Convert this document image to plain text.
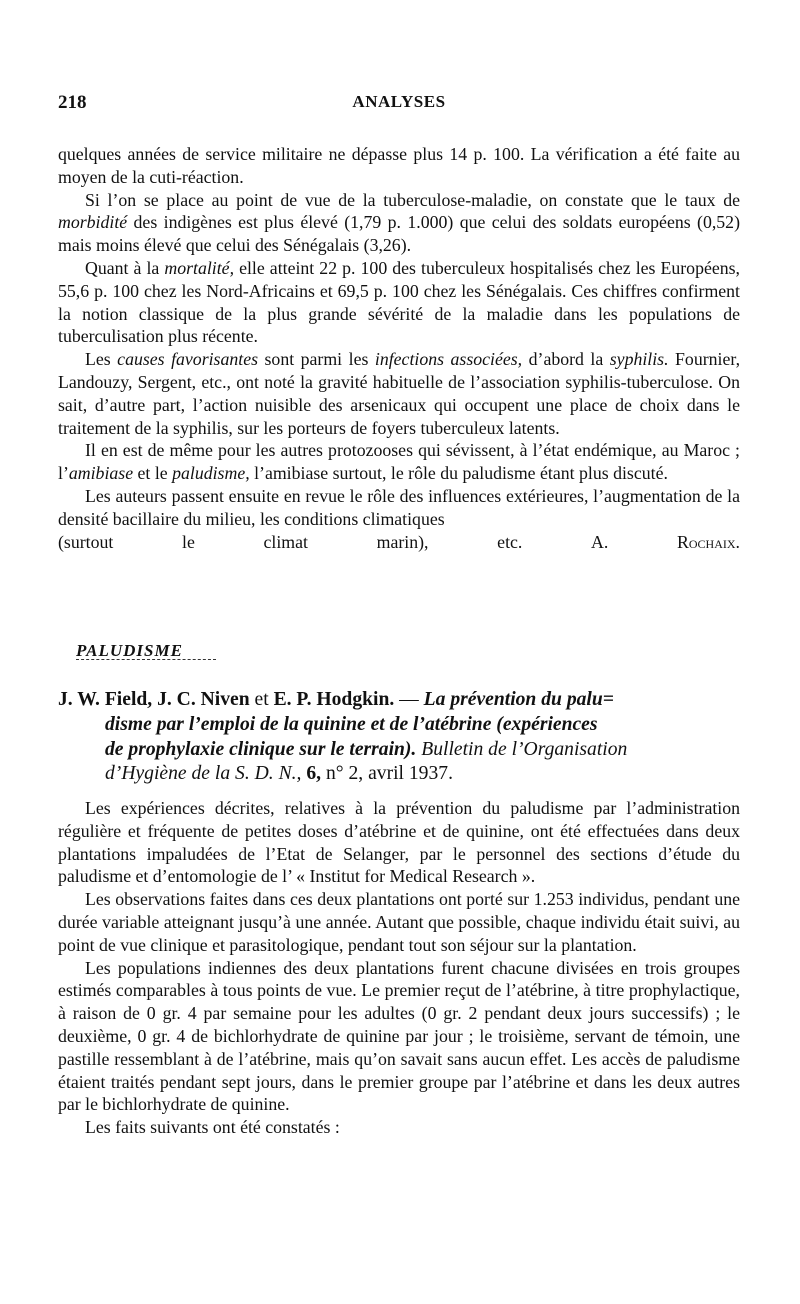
218	ANALYSES

quelques années de service militaire ne dépasse plus 14 p. 100. La vérification a été faite au moyen de la cuti-réaction.

Si l’on se place au point de vue de la tuberculose-maladie, on constate que le taux de morbidité des indigènes est plus élevé (1,79 p. 1.000) que celui des soldats européens (0,52) mais moins élevé que celui des Sénégalais (3,26).

Quant à la mortalité, elle atteint 22 p. 100 des tuberculeux hospitalisés chez les Européens, 55,6 p. 100 chez les Nord-Africains et 69,5 p. 100 chez les Sénégalais. Ces chiffres confirment la notion classique de la plus grande sévérité de la maladie dans les populations de tuberculisation plus récente.

Les causes favorisantes sont parmi les infections associées, d’abord la syphilis. Fournier, Landouzy, Sergent, etc., ont noté la gravité habituelle de l’association syphilis-tuberculose. On sait, d’autre part, l’action nuisible des arsenicaux qui occupent une place de choix dans le traitement de la syphilis, sur les porteurs de foyers tuberculeux latents.

Il en est de même pour les autres protozooses qui sévissent, à l’état endémique, au Maroc ; l’amibiase et le paludisme, l’amibiase surtout, le rôle du paludisme étant plus discuté.

Les auteurs passent ensuite en revue le rôle des influences extérieures, l’augmentation de la densité bacillaire du milieu, les conditions climatiques

(surtout le climat marin), etc.	A. Rochaix.

PALUDISME

J. W. Field, J. C. Niven et E. P. Hodgkin. — La prévention du palu=

disme par l’emploi de la quinine et de l’atébrine (expériences

de prophylaxie clinique sur le terrain). Bulletin de l’Organisation

d’Hygiène de la S. D. N., 6, n° 2, avril 1937.

Les expériences décrites, relatives à la prévention du paludisme par l’administration régulière et fréquente de petites doses d’atébrine et de quinine, ont été effectuées dans deux plantations impaludées de l’Etat de Selanger, par le personnel des sections d’étude du paludisme et d’entomologie de l’ « Institut for Medical Research ».

Les observations faites dans ces deux plantations ont porté sur 1.253 individus, pendant une durée variable atteignant jusqu’à une année. Autant que possible, chaque individu était suivi, au point de vue clinique et parasitologique, pendant tout son séjour sur la plantation.

Les populations indiennes des deux plantations furent chacune divisées en trois groupes estimés comparables à tous points de vue. Le premier reçut de l’atébrine, à titre prophylactique, à raison de 0 gr. 4 par semaine pour les adultes (0 gr. 2 pendant deux jours successifs) ; le deuxième, 0 gr. 4 de bichlorhydrate de quinine par jour ; le troisième, servant de témoin, une pastille ressemblant à de l’atébrine, mais qu’on savait sans aucun effet. Les accès de paludisme étaient traités pendant sept jours, dans le premier groupe par l’atébrine et dans les deux autres par le bichlorhydrate de quinine.

Les faits suivants ont été constatés :
